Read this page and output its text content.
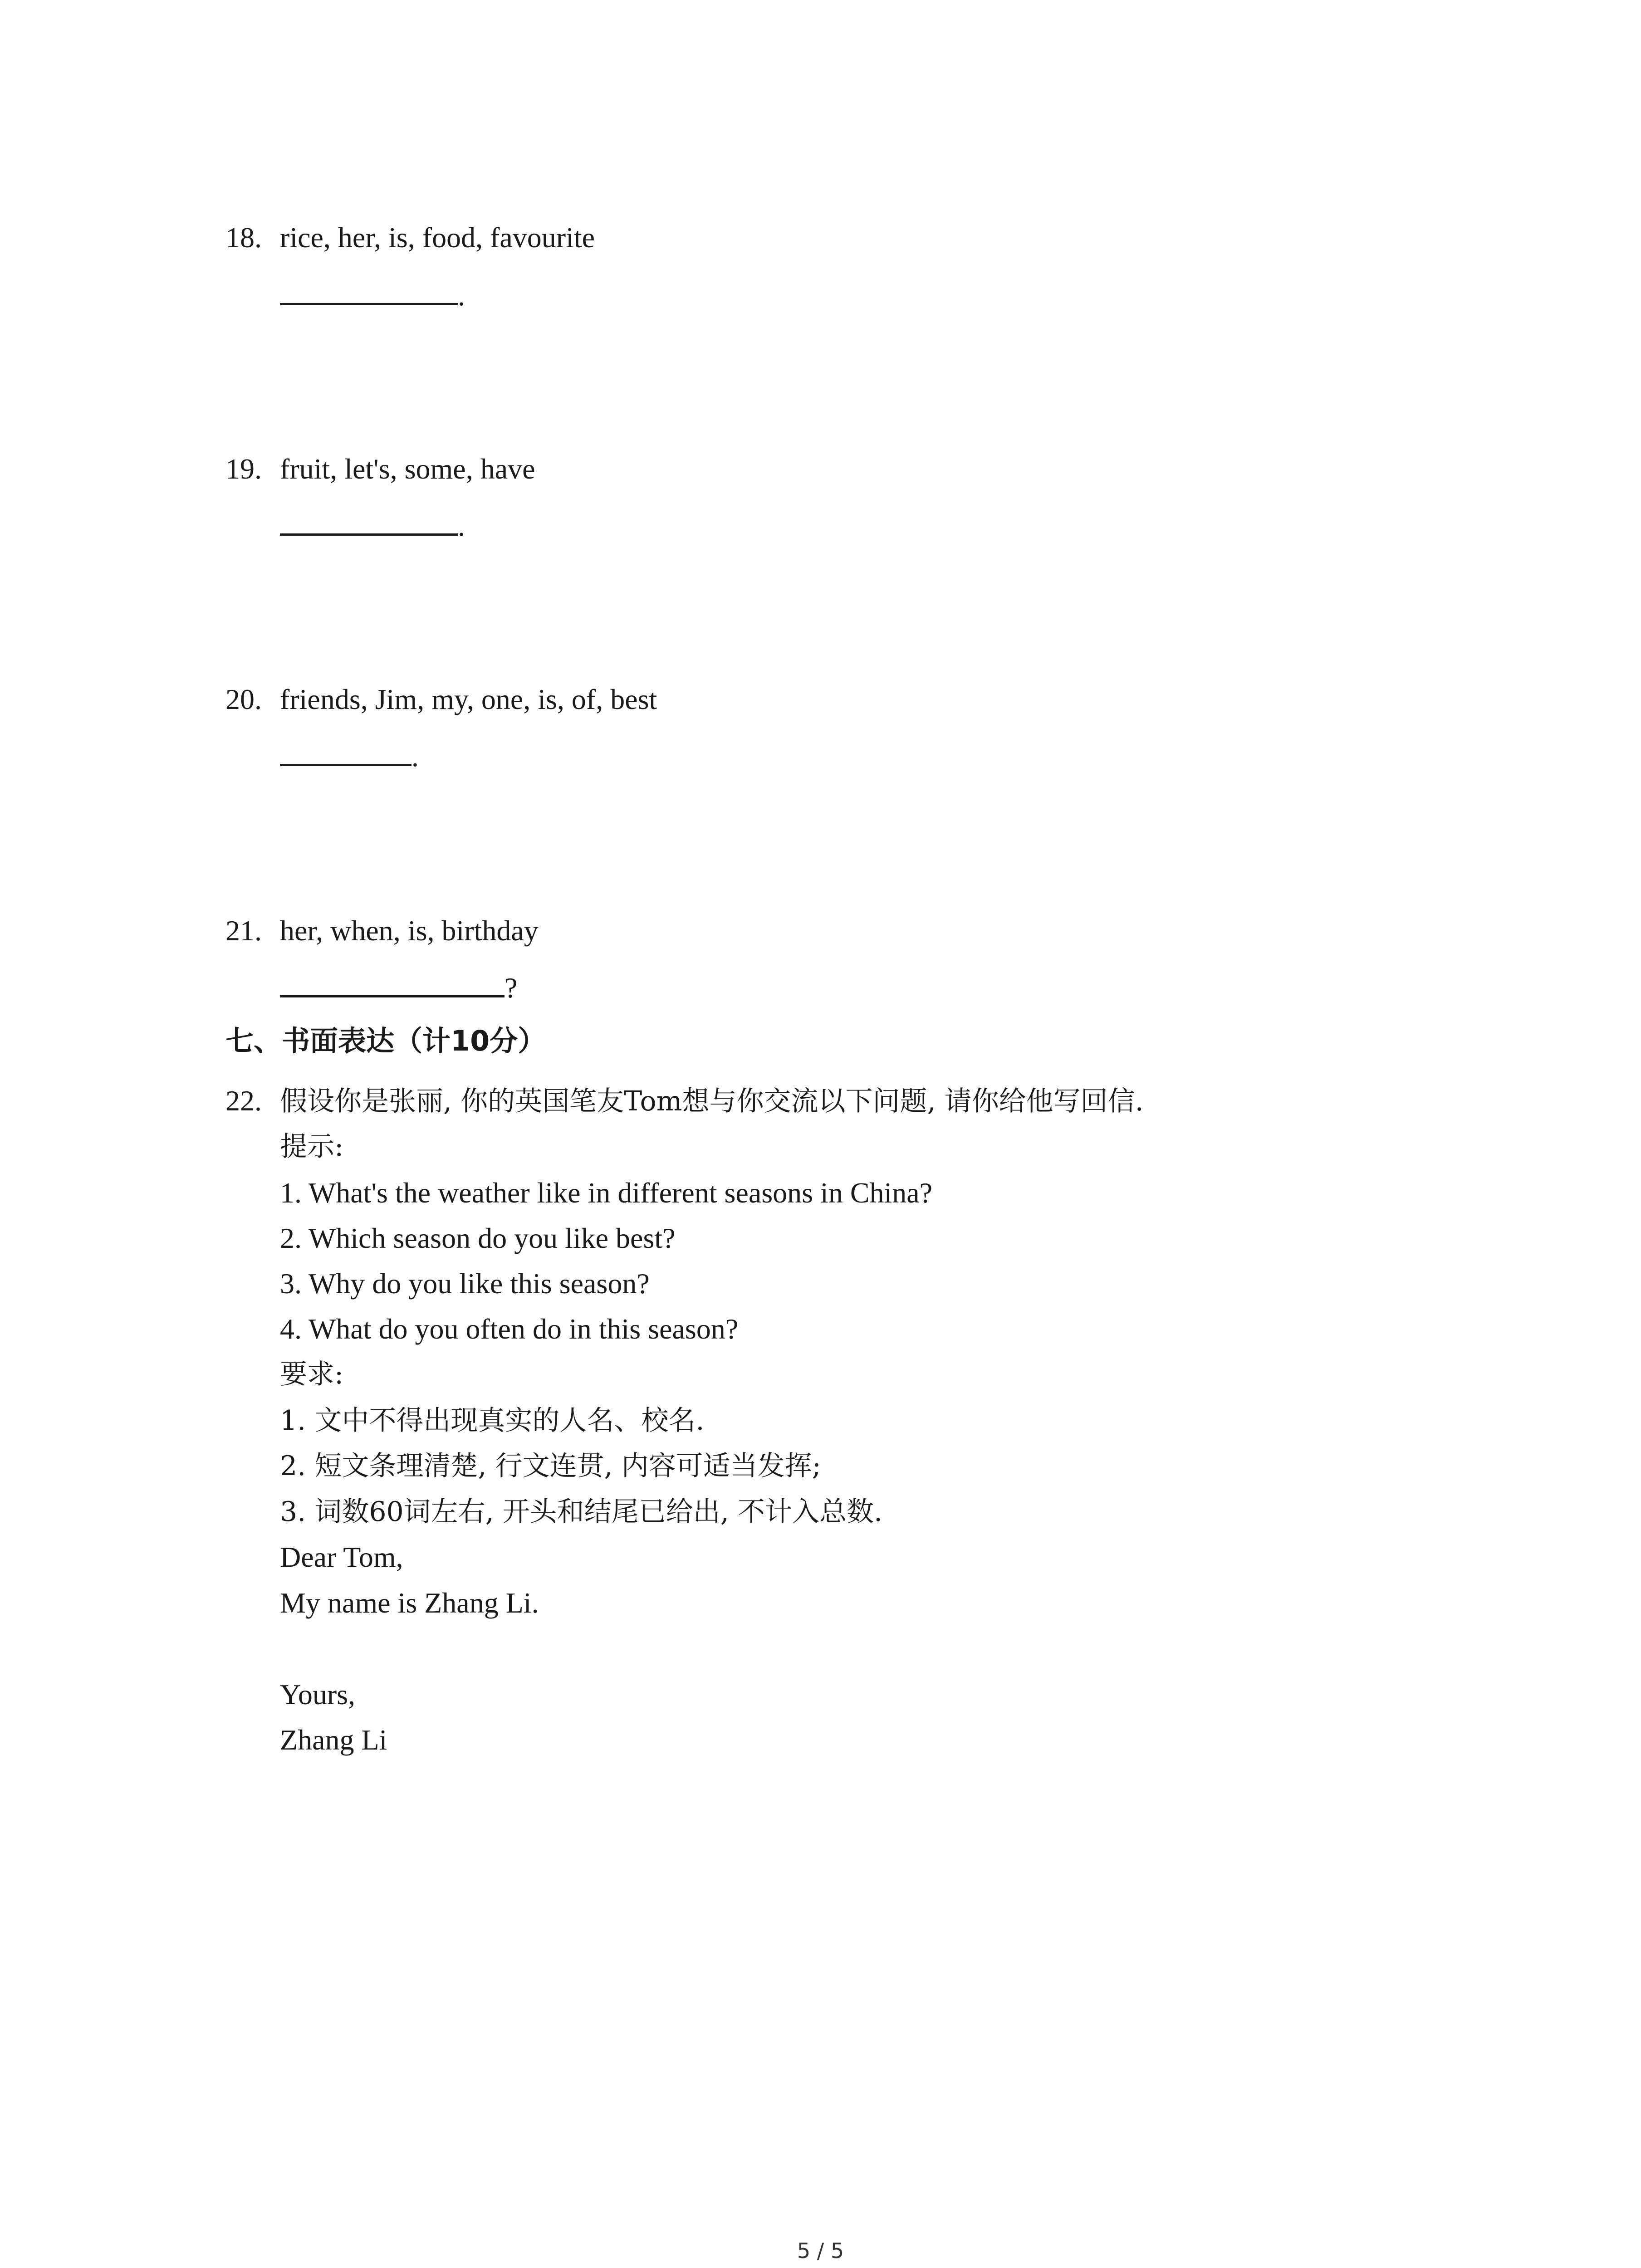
18. rice, her, is, food, favourite
.
19. fruit, let's, some, have
.
20. friends, Jim, my, one, is, of, best
.
21. her, when, is, birthday
?
七、书面表达（计10分）
22. 假设你是张丽, 你的英国笔友Tom想与你交流以下问题, 请你给他写回信.
提示:
1. What's the weather like in different seasons in China?
2. Which season do you like best?
3. Why do you like this season?
4. What do you often do in this season?
要求:
1. 文中不得出现真实的人名、校名.
2. 短文条理清楚, 行文连贯, 内容可适当发挥;
3. 词数60词左右, 开头和结尾已给出, 不计入总数.
Dear Tom,
My name is Zhang Li.
Yours,
Zhang Li
5 / 5
